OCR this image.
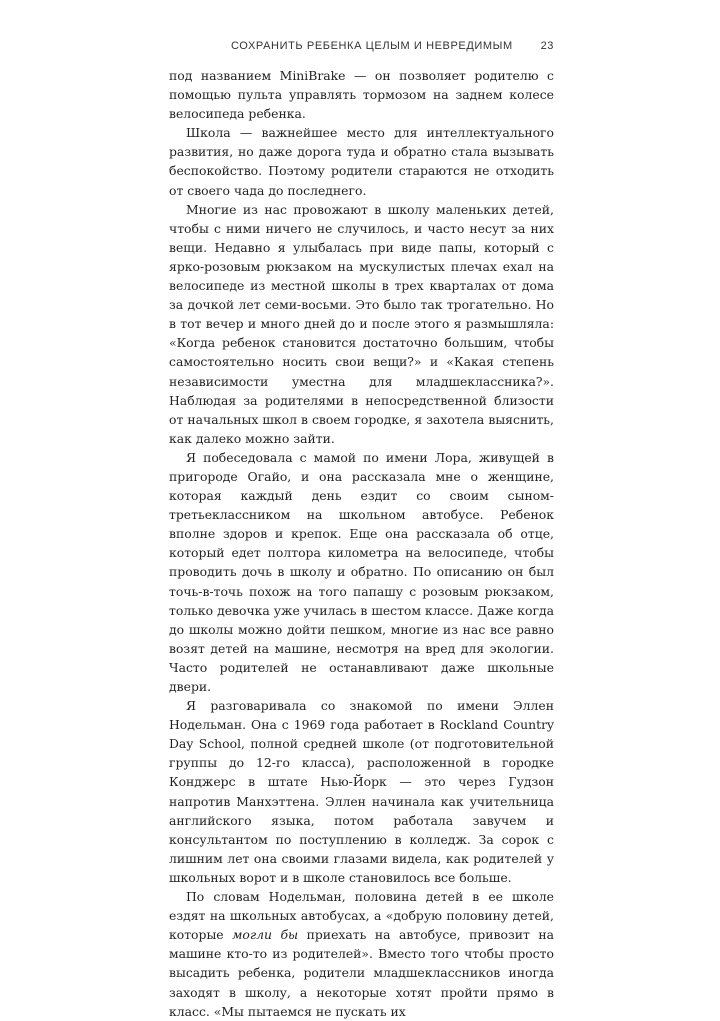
СОХРАНИТЬ РЕБЕНКА ЦЕЛЫМ И НЕВРЕДИМЫМ	23

под названием MiniBrake — он позволяет родителю с помощью пульта управлять тормозом на заднем колесе велосипеда ребенка.

Школа — важнейшее место для интеллектуального развития, но даже дорога туда и обратно стала вызывать беспокойство. Поэтому родители стараются не отходить от своего чада до последнего.

Многие из нас провожают в школу маленьких детей, чтобы с ними ничего не случилось, и часто несут за них вещи. Недавно я улыбалась при виде папы, который с ярко-розовым рюкзаком на мускулистых плечах ехал на велосипеде из местной школы в трех кварталах от дома за дочкой лет семи-восьми. Это было так трогательно. Но в тот вечер и много дней до и после этого я размышляла: «Когда ребенок становится достаточно большим, чтобы самостоятельно носить свои вещи?» и «Какая степень независимости уместна для младшеклассника?». Наблюдая за родителями в непосредственной близости от начальных школ в своем городке, я захотела выяснить, как далеко можно зайти.

Я побеседовала с мамой по имени Лора, живущей в пригороде Огайо, и она рассказала мне о женщине, которая каждый день ездит со своим сыном-третьеклассником на школьном автобусе. Ребенок вполне здоров и крепок. Еще она рассказала об отце, который едет полтора километра на велосипеде, чтобы проводить дочь в школу и обратно. По описанию он был точь-в-точь похож на того папашу с розовым рюкзаком, только девочка уже училась в шестом классе. Даже когда до школы можно дойти пешком, многие из нас все равно возят детей на машине, несмотря на вред для экологии. Часто родителей не останавливают даже школьные двери.

Я разговаривала со знакомой по имени Эллен Нодельман. Она с 1969 года работает в Rockland Country Day School, полной средней школе (от подготовительной группы до 12-го класса), расположенной в городке Конджерс в штате Нью-Йорк — это через Гудзон напротив Манхэттена. Эллен начинала как учительница английского языка, потом работала завучем и консультантом по поступлению в колледж. За сорок с лишним лет она своими глазами видела, как родителей у школьных ворот и в школе становилось все больше.

По словам Нодельман, половина детей в ее школе ездят на школьных автобусах, а «добрую половину детей, которые могли бы приехать на автобусе, привозит на машине кто-то из родителей». Вместо того чтобы просто высадить ребенка, родители младшеклассников иногда заходят в школу, а некоторые хотят пройти прямо в класс. «Мы пытаемся не пускать их
